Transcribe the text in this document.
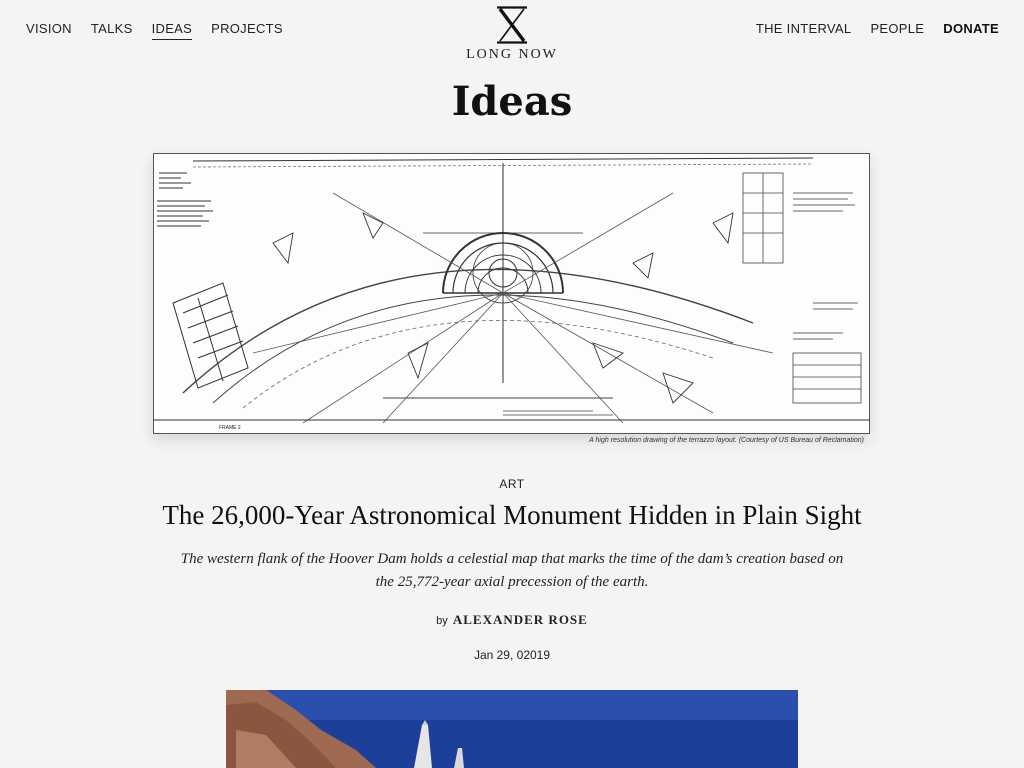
VISION TALKS IDEAS PROJECTS
LONG NOW
THE INTERVAL PEOPLE DONATE
Ideas
FRAME 2
A high resolution drawing of the terrazzo layout. (Courtesy of US Bureau of Reclamation)
ART
The 26,000-Year Astronomical Monument Hidden in Plain Sight

The western flank of the Hoover Dam holds a celestial map that marks the time of the dam’s creation based on the 25,772-year axial precession of the earth.

by ALEXANDER ROSE
Jan 29, 02019
